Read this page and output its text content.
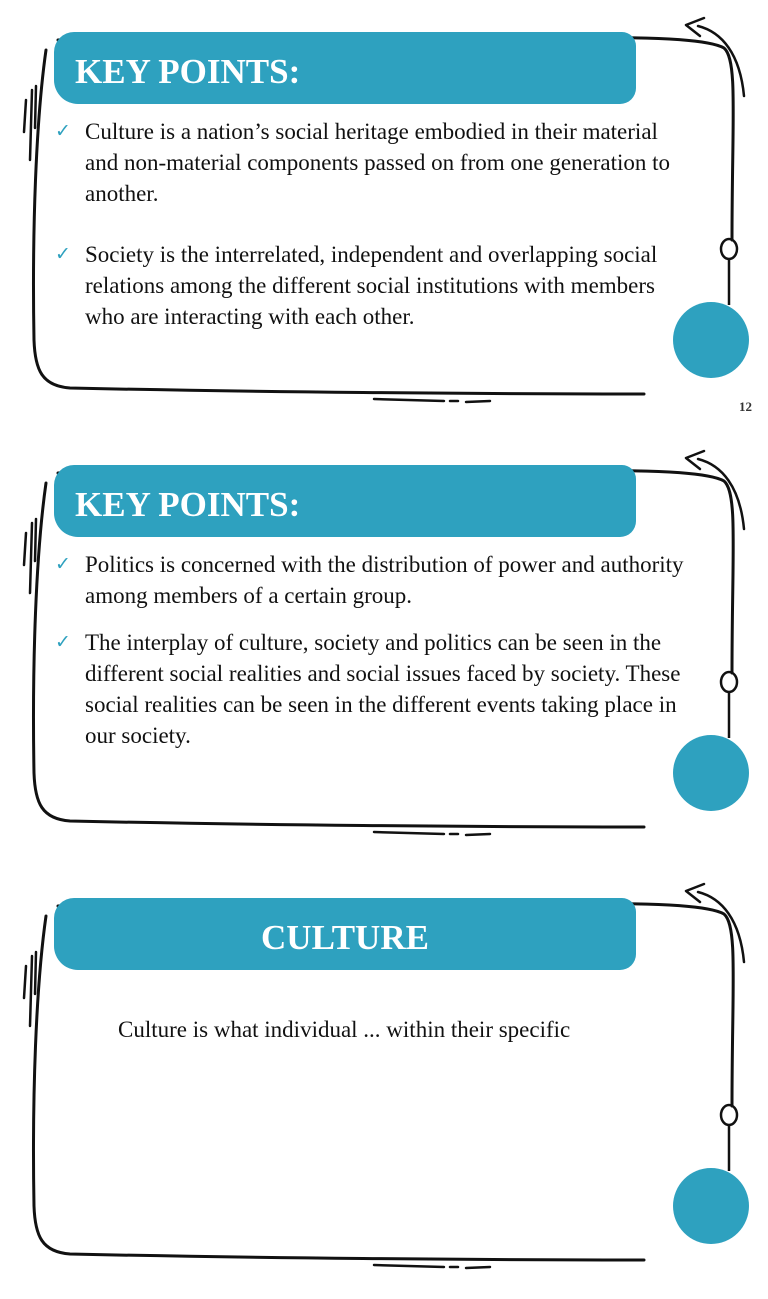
KEY POINTS:
✓ Culture is a nation’s social heritage embodied in their material and non-material components passed on from one generation to another.
✓ Society is the interrelated, independent and overlapping social relations among the different social institutions with members who are interacting with each other.
12
KEY POINTS:
✓ Politics is concerned with the distribution of power and authority among members of a certain group.
✓ The interplay of culture, society and politics can be seen in the different social realities and social issues faced by society. These social realities can be seen in the different events taking place in our society.
CULTURE
Culture is what individual ... within their specific
